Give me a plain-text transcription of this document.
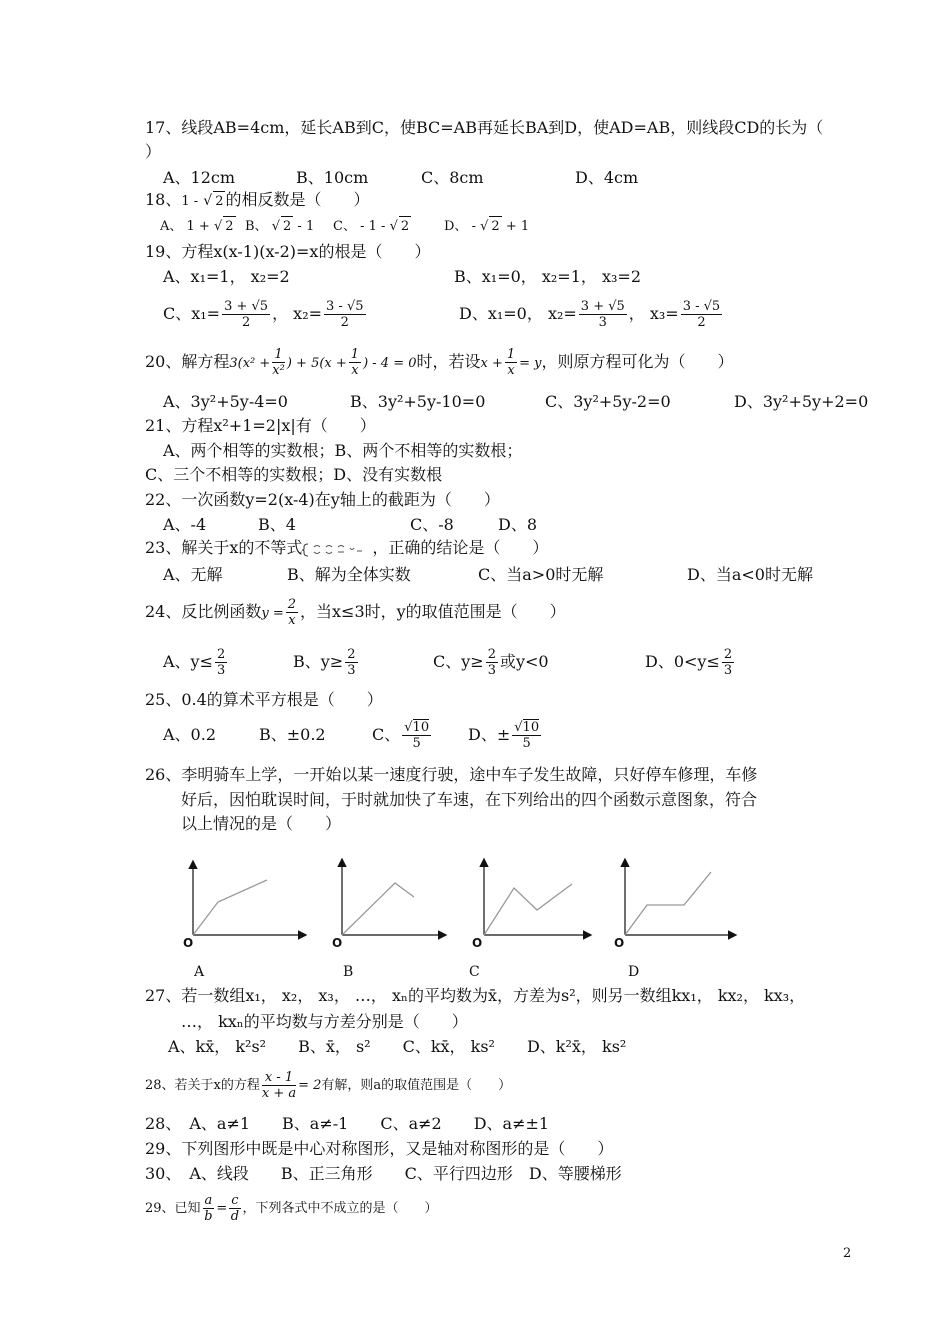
17、线段AB=4cm，延长AB到C，使BC=AB再延长BA到D，使AD=AB，则线段CD的长为（
）
A、12cm	B、10cm	C、8cm	D、4cm
18、1 - √ 2 的相反数是（　　）
A、 1 + √ 2 B、 √ 2 - 1 C、 - 1 - √ 2	D、 - √ 2 + 1
19、方程x(x-1)(x-2)=x的根是（　　）
A、x₁=1， x₂=2	B、x₁=0， x₂=1， x₃=2
C、$x_1= \frac{3 + √5}{2}$ ， $x_2= \frac{3 - √5}{2}$	D、x₁=0， $x_2= \frac{3 + √5}{3}$ ， $x_3= \frac{3 - √5}{2}$
20、解方程$3(x^2 + \frac{1}{\text{x²}}$ ) + $5(x + \frac{1}{x}$ ) - 4 = 0时，若设$x + \frac{1}{x} = y$，则原方程可化为（　　）
A、3y²+5y-4=0	B、3y²+5y-10=0	C、3y²+5y-2=0	D、3y²+5y+2=0
21、方程x²+1=2|x|有（　　）
A、两个相等的实数根；B、两个不相等的实数根；
C、三个不相等的实数根；D、没有实数根
22、一次函数y=2(x-4)在y轴上的截距为（　　）
A、-4	B、4	C、-8	D、8
23、解关于x的不等式	，正确的结论是（　　）
A、无解	B、解为全体实数	C、当a>0时无解	D、当a<0时无解
24、反比例函数$y = \frac{2}{x}$ ，当x≤3时，y的取值范围是（　　）
A、$y\le \frac{2}{3}$	B、$y\ge \frac{2}{3}$	C、$y\ge \frac{2}{3}$ 或y<0	D、$0<y\le \frac{2}{3}$
25、0.4的算术平方根是（　　）
A、0.2	B、±0.2	C、 $\frac{√10}{5}$ D、± $\frac{√10}{5}$
26、李明骑车上学，一开始以某一速度行驶，途中车子发生故障，只好停车修理，车修
好后，因怕耽误时间，于时就加快了车速，在下列给出的四个函数示意图象，符合
以上情况的是（　　）
O	O	O	O
A	B	C	D
27、若一数组x₁， x₂， x₃， …， xₙ的平均数为x̄，方差为s²，则另一数组kx₁， kx₂， kx₃，
…， kxₙ的平均数与方差分别是（　　）
A、kx̄， k²s²　　B、x̄， s²　　C、kx̄， ks²　　D、k²x̄， ks²
28、若关于x的方程 $\frac{x - 1}{x + a} = 2$有解，则a的取值范围是（　　）
28、　A、a≠1　　B、a≠-1　　C、a≠2　　D、a≠±1
29、下列图形中既是中心对称图形，又是轴对称图形的是（　　）
30、　A、线段　　B、正三角形　　C、平行四边形　D、等腰梯形
29、已知 $\frac{a}{b} = \frac{c}{d}$ ，下列各式中不成立的是（　　）
2
